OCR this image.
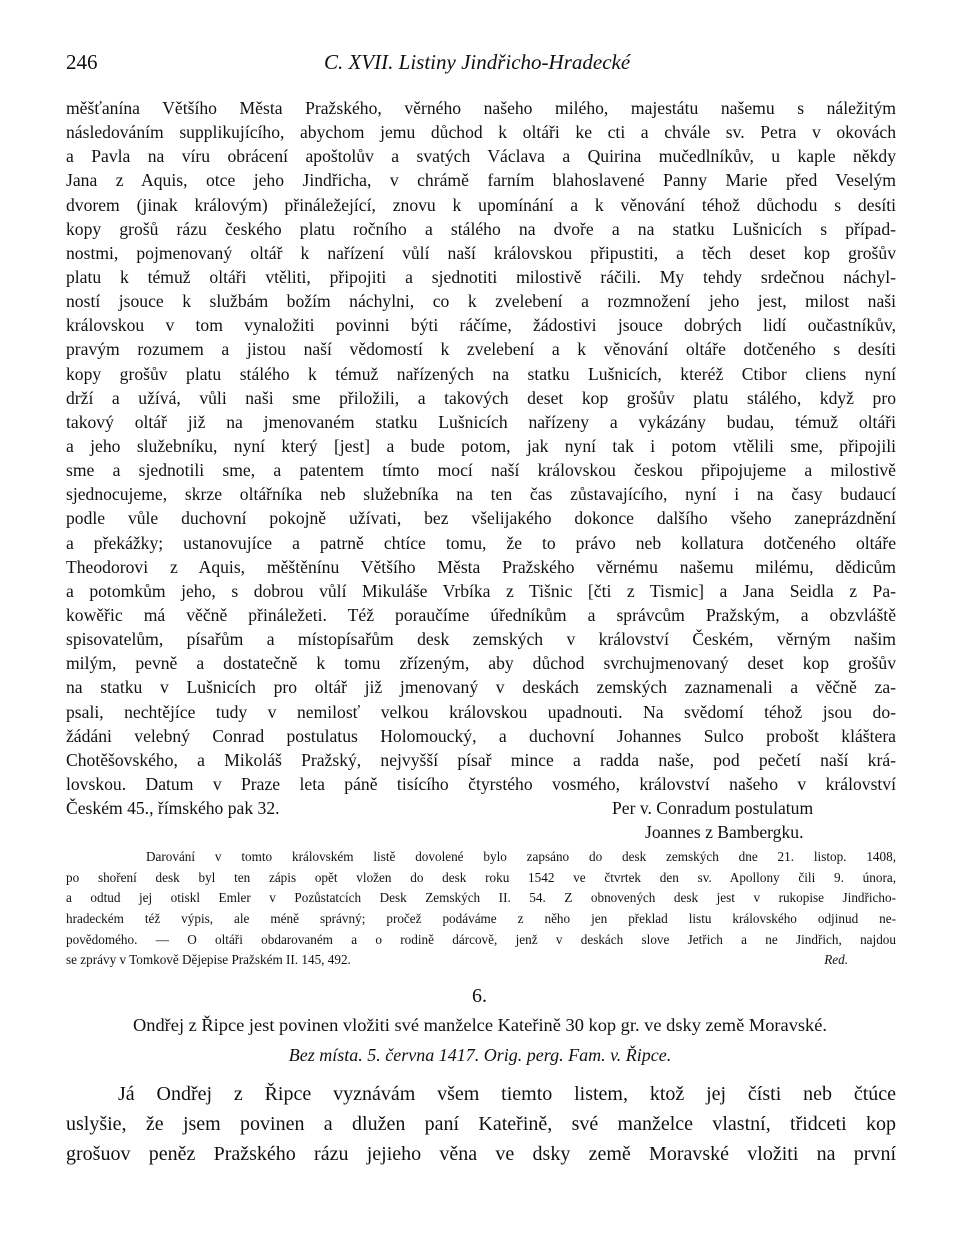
246	C. XVII. Listiny Jindřicho-Hradecké
měšťanína Většího Města Pražského, věrného našeho milého, majestátu našemu s náležitým
následováním supplikujícího, abychom jemu důchod k oltáři ke cti a chvále sv. Petra v okovách
a Pavla na víru obrácení apoštolův a svatých Václava a Quirina mučedlníkův, u kaple někdy
Jana z Aquis, otce jeho Jindřicha, v chrámě farním blahoslavené Panny Marie před Veselým
dvorem (jinak královým) přináležející, znovu k upomínání a k věnování téhož důchodu s desíti
kopy grošů rázu českého platu ročního a stálého na dvoře a na statku Lušnicích s případ-
nostmi, pojmenovaný oltář k nařízení vůlí naší královskou připustiti, a těch deset kop grošův
platu k témuž oltáři vtěliti, připojiti a sjednotiti milostivě ráčili. My tehdy srdečnou náchyl-
ností jsouce k službám božím náchylni, co k zvelebení a rozmnožení jeho jest, milost naši
královskou v tom vynaložiti povinni býti ráčíme, žádostivi jsouce dobrých lidí oučastníkův,
pravým rozumem a jistou naší vědomostí k zvelebení a k věnování oltáře dotčeného s desíti
kopy grošův platu stálého k témuž nařízených na statku Lušnicích, kteréž Ctibor cliens nyní
drží a užívá, vůli naši sme přiložili, a takových deset kop grošův platu stálého, když pro
takový oltář již na jmenovaném statku Lušnicích nařízeny a vykázány budau, témuž oltáři
a jeho služebníku, nyní který [jest] a bude potom, jak nyní tak i potom vtělili sme, připojili
sme a sjednotili sme, a patentem tímto mocí naší královskou českou připojujeme a milostivě
sjednocujeme, skrze oltářníka neb služebníka na ten čas zůstavajícího, nyní i na časy budaucí
podle vůle duchovní pokojně užívati, bez všelijakého dokonce dalšího všeho zaneprázdnění
a překážky; ustanovujíce a patrně chtíce tomu, že to právo neb kollatura dotčeného oltáře
Theodorovi z Aquis, měštěnínu Většího Města Pražského věrnému našemu milému, dědicům
a potomkům jeho, s dobrou vůlí Mikuláše Vrbíka z Tišnic [čti z Tismic] a Jana Seidla z Pa-
kowěřic má věčně přináležeti. Též poraučíme úředníkům a správcům Pražským, a obzvláště
spisovatelům, písařům a místopísařům desk zemských v království Českém, věrným našim
milým, pevně a dostatečně k tomu zřízeným, aby důchod svrchujmenovaný deset kop grošův
na statku v Lušnicích pro oltář již jmenovaný v deskách zemských zaznamenali a věčně za-
psali, nechtějíce tudy v nemilosť velkou královskou upadnouti. Na svědomí téhož jsou do-
žádáni velebný Conrad postulatus Holomoucký, a duchovní Johannes Sulco probošt kláštera
Chotěšovského, a Mikoláš Pražský, nejvyšší písař mince a radda naše, pod pečetí naší krá-
lovskou. Datum v Praze leta páně tisícího čtyrstého vosmého, království našeho v království
Českém 45., římského pak 32.	Per v. Conradum postulatum
Joannes z Bambergku.
Darování v tomto královském listě dovolené bylo zapsáno do desk zemských dne 21. listop. 1408,
po shoření desk byl ten zápis opět vložen do desk roku 1542 ve čtvrtek den sv. Apollony čili 9. února,
a odtud jej otiskl Emler v Pozůstatcích Desk Zemských II. 54. Z obnovených desk jest v rukopise Jindřicho-
hradeckém též výpis, ale méně správný; pročež podáváme z něho jen překlad listu královského odjinud ne-
povědomého. — O oltáři obdarovaném a o rodině dárcově, jenž v deskách slove Jetřich a ne Jindřich, najdou
se zprávy v Tomkově Dějepise Pražském II. 145, 492.	Red.
6.
Ondřej z Řipce jest povinen vložiti své manželce Kateřině 30 kop gr. ve dsky země Moravské.
Bez místa. 5. června 1417. Orig. perg. Fam. v. Řipce.
Já Ondřej z Řipce vyznávám všem tiemto listem, ktož jej čísti neb čtúce
uslyšie, že jsem povinen a dlužen paní Kateřině, své manželce vlastní, třidceti kop
grošuov peněz Pražského rázu jejieho věna ve dsky země Moravské vložiti na první
